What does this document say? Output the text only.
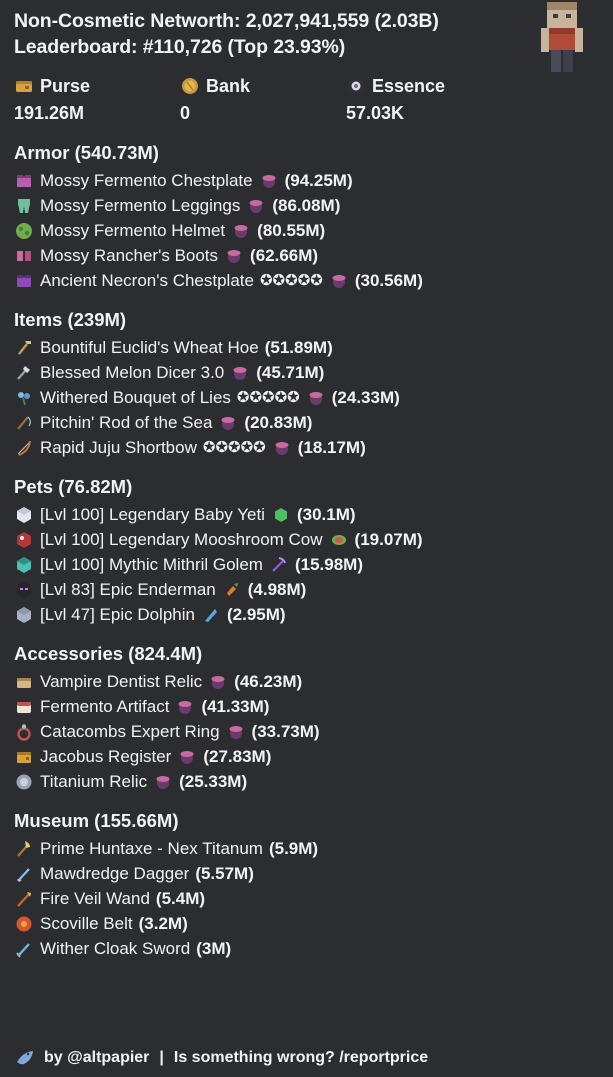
Non-Cosmetic Networth: 2,027,941,559 (2.03B)
Leaderboard: #110,726 (Top 23.93%)
Purse
191.26M
Bank
0
Essence
57.03K
Armor (540.73M)
Mossy Fermento Chestplate (94.25M)
Mossy Fermento Leggings (86.08M)
Mossy Fermento Helmet (80.55M)
Mossy Rancher's Boots (62.66M)
Ancient Necron's Chestplate ✪✪✪✪✪ (30.56M)
Items (239M)
Bountiful Euclid's Wheat Hoe (51.89M)
Blessed Melon Dicer 3.0 (45.71M)
Withered Bouquet of Lies ✪✪✪✪✪ (24.33M)
Pitchin' Rod of the Sea (20.83M)
Rapid Juju Shortbow ✪✪✪✪✪ (18.17M)
Pets (76.82M)
[Lvl 100] Legendary Baby Yeti (30.1M)
[Lvl 100] Legendary Mooshroom Cow (19.07M)
[Lvl 100] Mythic Mithril Golem (15.98M)
[Lvl 83] Epic Enderman (4.98M)
[Lvl 47] Epic Dolphin (2.95M)
Accessories (824.4M)
Vampire Dentist Relic (46.23M)
Fermento Artifact (41.33M)
Catacombs Expert Ring (33.73M)
Jacobus Register (27.83M)
Titanium Relic (25.33M)
Museum (155.66M)
Prime Huntaxe - Nex Titanum (5.9M)
Mawdredge Dagger (5.57M)
Fire Veil Wand (5.4M)
Scoville Belt (3.2M)
Wither Cloak Sword (3M)
by @altpapier | Is something wrong? /reportprice
